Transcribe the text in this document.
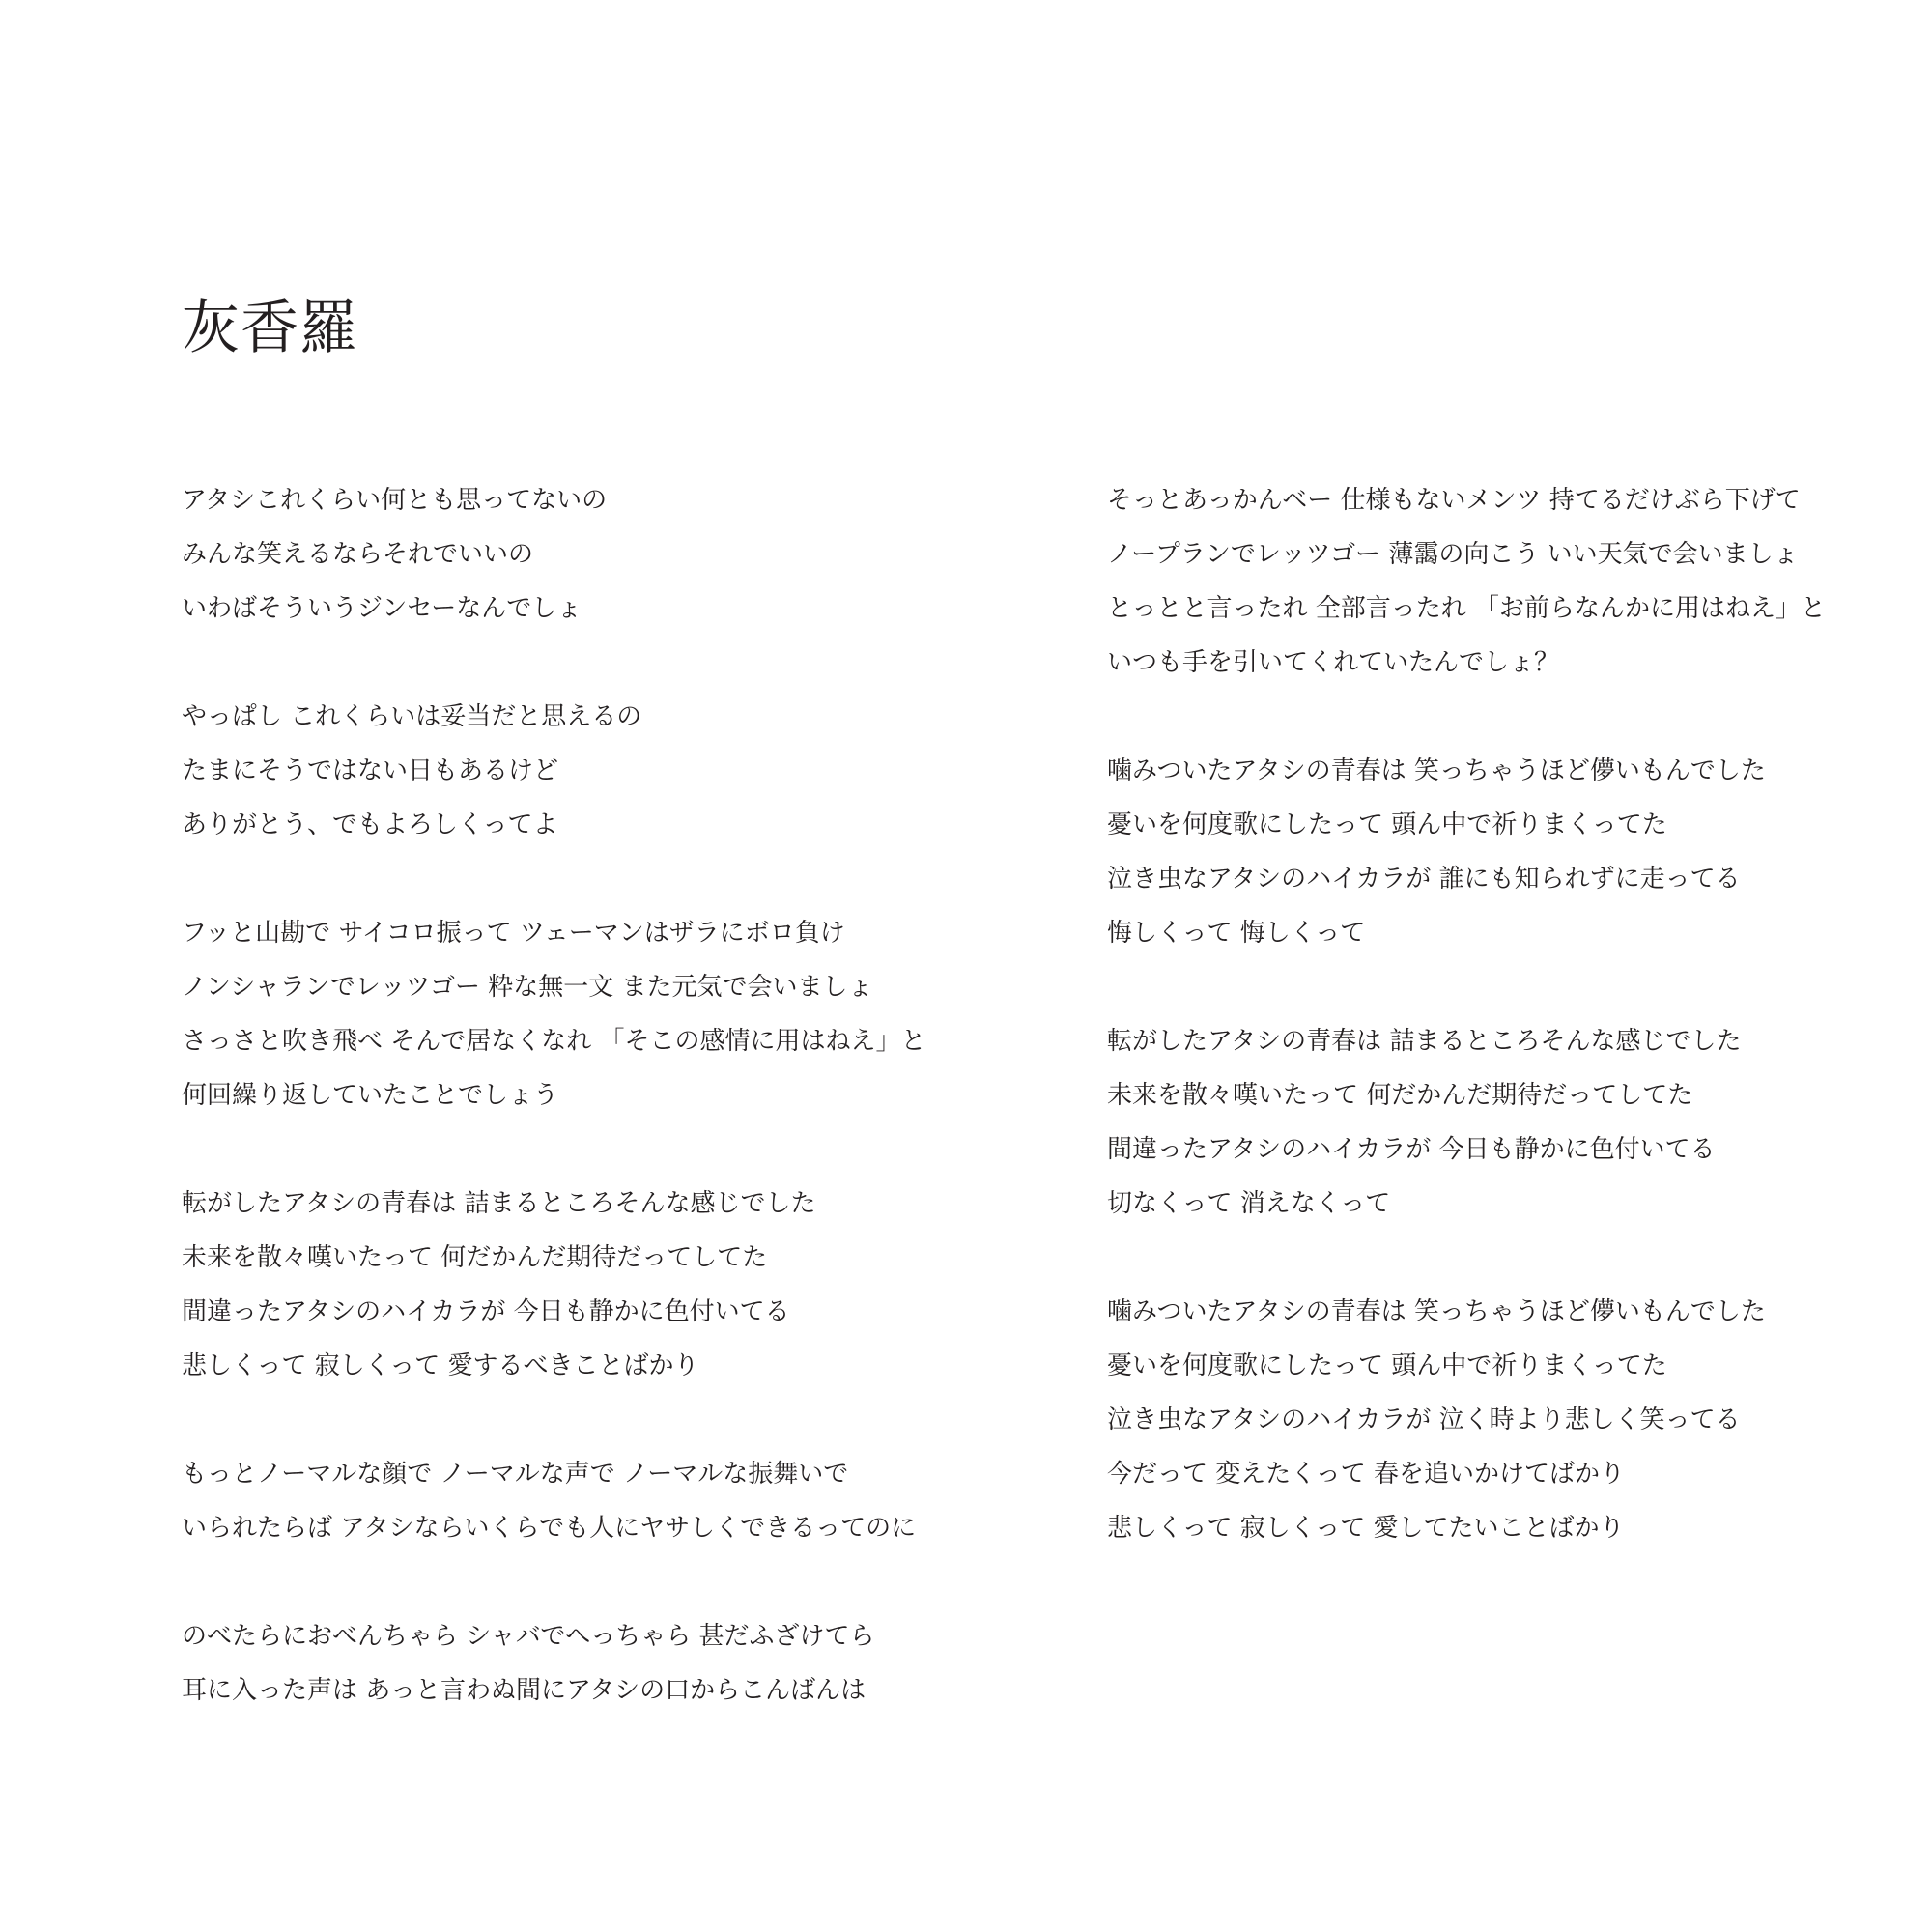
灰香羅
アタシこれくらい何とも思ってないの
みんな笑えるならそれでいいの
いわばそういうジンセーなんでしょ
やっぱし これくらいは妥当だと思えるの
たまにそうではない日もあるけど
ありがとう、でもよろしくってよ
フッと山勘で サイコロ振って ツェーマンはザラにボロ負け
ノンシャランでレッツゴー 粋な無一文 また元気で会いましょ
さっさと吹き飛べ そんで居なくなれ 「そこの感情に用はねえ」と
何回繰り返していたことでしょう
転がしたアタシの青春は 詰まるところそんな感じでした
未来を散々嘆いたって 何だかんだ期待だってしてた
間違ったアタシのハイカラが 今日も静かに色付いてる
悲しくって 寂しくって 愛するべきことばかり
もっとノーマルな顔で ノーマルな声で ノーマルな振舞いで
いられたらば アタシならいくらでも人にヤサしくできるってのに
のべたらにおべんちゃら シャバでへっちゃら 甚だふざけてら
耳に入った声は あっと言わぬ間にアタシの口からこんばんは
そっとあっかんベー 仕様もないメンツ 持てるだけぶら下げて
ノープランでレッツゴー 薄靄の向こう いい天気で会いましょ
とっとと言ったれ 全部言ったれ 「お前らなんかに用はねえ」と
いつも手を引いてくれていたんでしょ？
噛みついたアタシの青春は 笑っちゃうほど儚いもんでした
憂いを何度歌にしたって 頭ん中で祈りまくってた
泣き虫なアタシのハイカラが 誰にも知られずに走ってる
悔しくって 悔しくって
転がしたアタシの青春は 詰まるところそんな感じでした
未来を散々嘆いたって 何だかんだ期待だってしてた
間違ったアタシのハイカラが 今日も静かに色付いてる
切なくって 消えなくって
噛みついたアタシの青春は 笑っちゃうほど儚いもんでした
憂いを何度歌にしたって 頭ん中で祈りまくってた
泣き虫なアタシのハイカラが 泣く時より悲しく笑ってる
今だって 変えたくって 春を追いかけてばかり
悲しくって 寂しくって 愛してたいことばかり
